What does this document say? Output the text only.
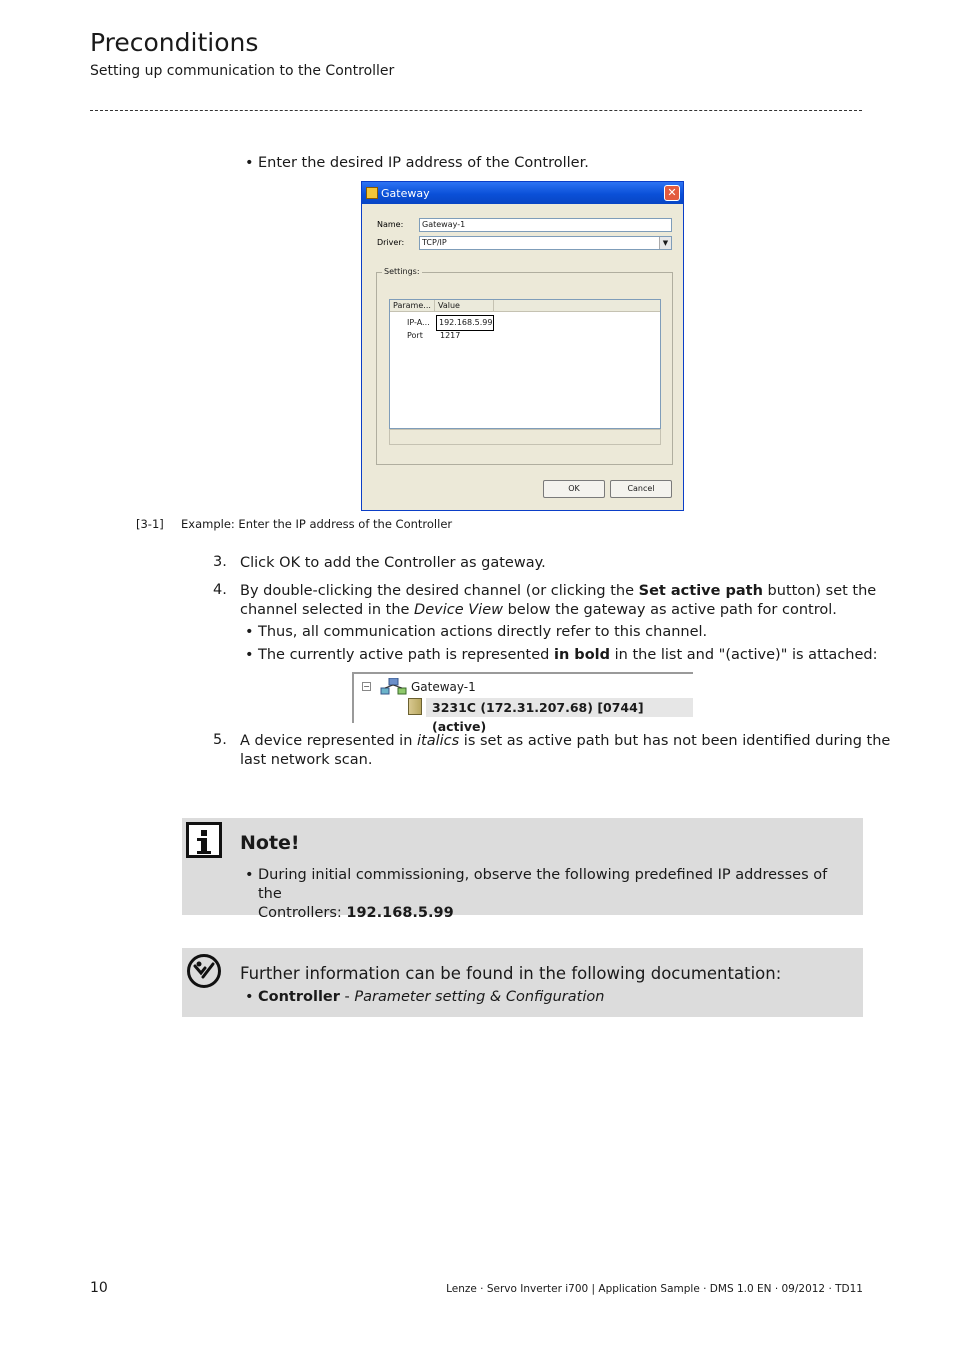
Preconditions
Setting up communication to the Controller
• Enter the desired IP address of the Controller.
Gateway	✕
Name:	Gateway-1
Driver:	TCP/IP	▼
Settings:
Parame... Value
IP-A...	192.168.5.99
Port 1217
OK	Cancel
[3-1] Example: Enter the IP address of the Controller
3. Click OK to add the Controller as gateway.
4. By double-clicking the desired channel (or clicking the Set active path button) set the
channel selected in the Device View below the gateway as active path for control.
• Thus, all communication actions directly refer to this channel.
• The currently active path is represented in bold in the list and "(active)" is attached:
−	Gateway-1
3231C (172.31.207.68) [0744] (active)
5. A device represented in italics is set as active path but has not been identified during the
last network scan.
Note!
• During initial commissioning, observe the following predefined IP addresses of the
Controllers: 192.168.5.99
Further information can be found in the following documentation:
• Controller - Parameter setting & Configuration
10	Lenze · Servo Inverter i700 | Application Sample · DMS 1.0 EN · 09/2012 · TD11
